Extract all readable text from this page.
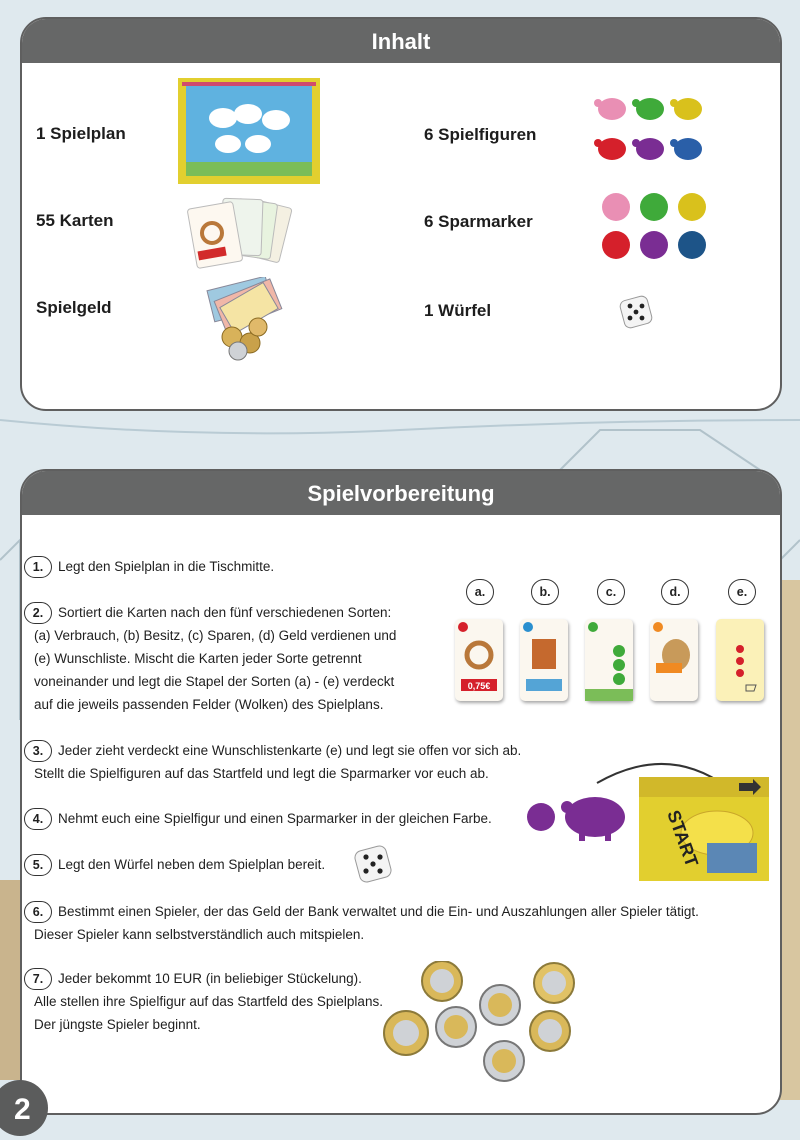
Inhalt
1 Spielplan
55 Karten
Spielgeld
6 Spielfiguren
6 Sparmarker
1 Würfel
Spielvorbereitung
1. Legt den Spielplan in die Tischmitte.
2. Sortiert die Karten nach den fünf verschiedenen Sorten:
(a) Verbrauch, (b) Besitz, (c) Sparen, (d) Geld verdienen und
(e) Wunschliste. Mischt die Karten jeder Sorte getrennt
voneinander und legt die Stapel der Sorten (a) - (e) verdeckt
auf die jeweils passenden Felder (Wolken) des Spielplans.
3. Jeder zieht verdeckt eine Wunschlistenkarte (e) und legt sie offen vor sich ab.
Stellt die Spielfiguren auf das Startfeld und legt die Sparmarker vor euch ab.
4. Nehmt euch eine Spielfigur und einen Sparmarker in der gleichen Farbe.
5. Legt den Würfel neben dem Spielplan bereit.
6. Bestimmt einen Spieler, der das Geld der Bank verwaltet und die Ein- und Auszahlungen aller Spieler tätigt.
Dieser Spieler kann selbstverständlich auch mitspielen.
7. Jeder bekommt 10 EUR (in beliebiger Stückelung).
Alle stellen ihre Spielfigur auf das Startfeld des Spielplans.
Der jüngste Spieler beginnt.
a.	b.	c.	d.	e.
0,75€
START
2
